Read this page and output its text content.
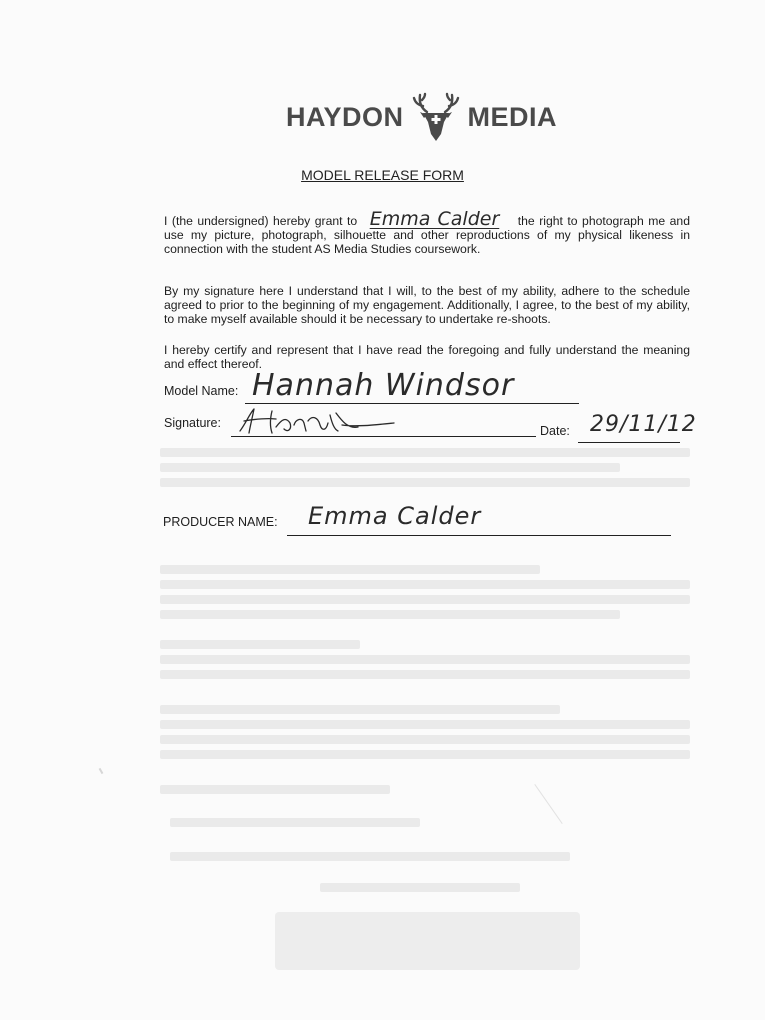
HAYDON MEDIA
MODEL RELEASE FORM
I (the undersigned) hereby grant to Emma Calder the right to photograph me and use my picture, photograph, silhouette and other reproductions of my physical likeness in connection with the student AS Media Studies coursework.
By my signature here I understand that I will, to the best of my ability, adhere to the schedule agreed to prior to the beginning of my engagement. Additionally, I agree, to the best of my ability, to make myself available should it be necessary to undertake re-shoots.
I hereby certify and represent that I have read the foregoing and fully understand the meaning and effect thereof.
Model Name: Hannah Windsor
Signature:
Date: 29/11/12
PRODUCER NAME: Emma Calder
